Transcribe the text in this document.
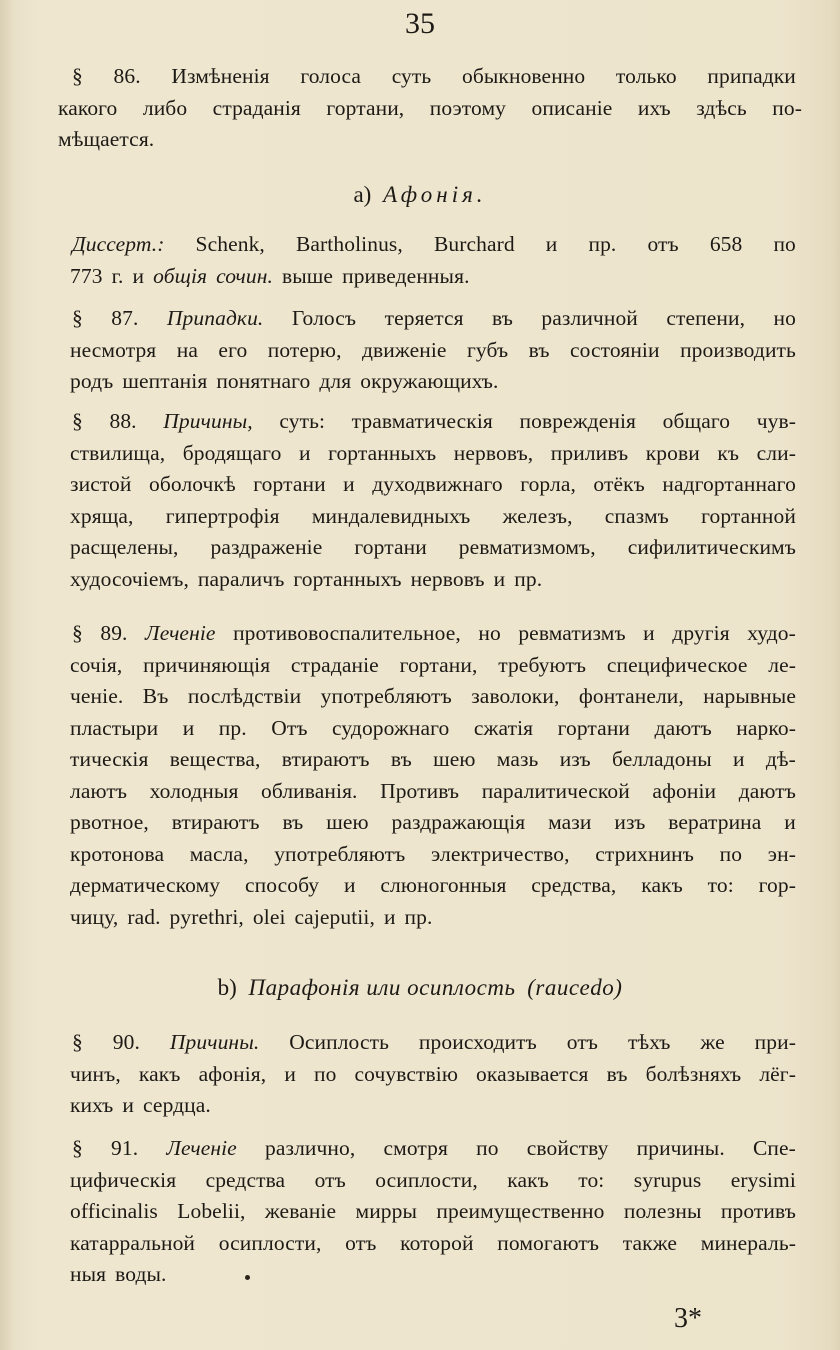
35
§ 86. Измѣненія голоса суть обыкновенно только припадки
какого либо страданія гортани, поэтому описаніе ихъ здѣсь по-
мѣщается.
a) Афонія.
Диссерт.: Schenk, Bartholinus, Burchard и пр. отъ 658 по
773 г. и общія сочин. выше приведенныя.
§ 87. Припадки. Голосъ теряется въ различной степени, но
несмотря на его потерю, движеніе губъ въ состояніи производить
родъ шептанія понятнаго для окружающихъ.
§ 88. Причины, суть: травматическія поврежденія общаго чув-
ствилища, бродящаго и гортанныхъ нервовъ, приливъ крови къ сли-
зистой оболочкѣ гортани и духодвижнаго горла, отёкъ надгортаннаго
хряща, гипертрофія миндалевидныхъ железъ, спазмъ гортанной
расщелены, раздраженіе гортани ревматизмомъ, сифилитическимъ
худосочіемъ, параличъ гортанныхъ нервовъ и пр.
§ 89. Леченіе противовоспалительное, но ревматизмъ и другія худо-
сочія, причиняющія страданіе гортани, требуютъ специфическое ле-
ченіе. Въ послѣдствіи употребляютъ заволоки, фонтанели, нарывные
пластыри и пр. Отъ судорожнаго сжатія гортани даютъ нарко-
тическія вещества, втираютъ въ шею мазь изъ белладоны и дѣ-
лаютъ холодныя обливанія. Противъ паралитической афоніи даютъ
рвотное, втираютъ въ шею раздражающія мази изъ вератрина и
кротонова масла, употребляютъ электричество, стрихнинъ по эн-
дерматическому способу и слюногонныя средства, какъ то: гор-
чицу, rad. pyrethri, olei cajeputii, и пр.
b) Парафонія или осиплость (raucedo)
§ 90. Причины. Осиплость происходитъ отъ тѣхъ же при-
чинъ, какъ афонія, и по сочувствію оказывается въ болѣзняхъ лёг-
кихъ и сердца.
§ 91. Леченіе различно, смотря по свойству причины. Спе-
цифическія средства отъ осиплости, какъ то: syrupus erysimi
officinalis Lobelii, жеваніе мирры преимущественно полезны противъ
катарральной осиплости, отъ которой помогаютъ также минераль-
ныя воды.
3*
